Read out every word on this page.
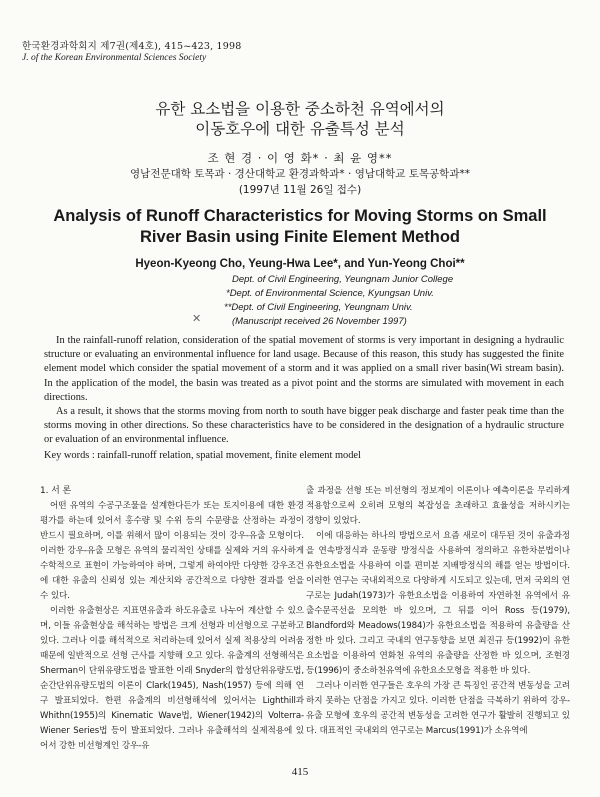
한국환경과학회지 제7권(제4호), 415~423, 1998
J. of the Korean Environmental Sciences Society
유한 요소법을 이용한 중소하천 유역에서의
이동호우에 대한 유출특성 분석
조 현 경 · 이 영 화* · 최 윤 영**
영남전문대학 토목과 · 경산대학교 환경과학과* · 영남대학교 토목공학과**
(1997년 11월 26일 접수)
Analysis of Runoff Characteristics for Moving Storms on Small
River Basin using Finite Element Method
Hyeon-Kyeong Cho, Yeung-Hwa Lee*, and Yun-Yeong Choi**
Dept. of Civil Engineering, Yeungnam Junior College
*Dept. of Environmental Science, Kyungsan Univ.
**Dept. of Civil Engineering, Yeungnam Univ.
(Manuscript received 26 November 1997)
✕

In the rainfall-runoff relation, consideration of the spatial movement of storms is very important in designing a hydraulic structure or evaluating an environmental influence for land usage. Because of this reason, this study has suggested the finite element model which consider the spatial movement of a storm and it was applied on a small river basin(Wi stream basin). In the application of the model, the basin was treated as a pivot point and the storms are simulated with movement in each directions.

As a result, it shows that the storms moving from north to south have bigger peak discharge and faster peak time than the storms moving in other directions. So these characteristics have to be considered in the designation of a hydraulic structure or evaluation of an environmental influence.

Key words : rainfall-runoff relation, spatial movement, finite element model

1. 서 론

어떤 유역의 수공구조물을 설계한다든가 또는 토지이용에 대한 환경평가를 하는데 있어서 홍수량 및 수위 등의 수문량을 산정하는 과정이 반드시 필요하며, 이를 위해서 많이 이용되는 것이 강우-유출 모형이다. 이러한 강우-유출 모형은 유역의 물리적인 상태를 실제와 거의 유사하게 수학적으로 표현이 가능하여야 하며, 그렇게 하여야만 다양한 강우조건에 대한 유출의 신뢰성 있는 계산치와 공간적으로 다양한 결과를 얻을 수 있다.

이러한 유출현상은 지표면유출과 하도유출로 나누어 계산할 수 있으며, 이들 유출현상을 해석하는 방법은 크게 선형과 비선형으로 구분하고 있다. 그러나 이를 해석적으로 처리하는데 있어서 실제 적용상의 어려움 때문에 일반적으로 선형 근사를 지향해 오고 있다. 유출계의 선형해석은 Sherman이 단위유량도법을 발표한 이래 Snyder의 합성단위유량도법, 순간단위유량도법의 이론이 Clark(1945), Nash(1957) 등에 의해 연구 발표되었다. 한편 유출계의 비선형해석에 있어서는 Lighthill과 Whithn(1955)의 Kinematic Wave법, Wiener(1942)의 Volterra-Wiener Series법 등이 발표되었다. 그러나 유출해석의 실제적용에 있어서 강한 비선형계인 강우-유

출 과정을 선형 또는 비선형의 정보계이 이론이나 예측이론을 무리하게 적용함으로써 오히려 모형의 복잡성을 초래하고 효율성을 저하시키는 경향이 있었다.

이에 대응하는 하나의 방법으로서 요즘 새로이 대두된 것이 유출과정을 연속방정식과 운동량 방정식을 사용하여 정의하고 유한차분법이나 유한요소법을 사용하여 이를 편미분 지배방정식의 해를 얻는 방법이다. 이러한 연구는 국내외적으로 다양하게 시도되고 있는데, 먼저 국외의 연구로는 Judah(1973)가 유한요소법을 이용하여 자연하천 유역에서 유출수문곡선을 모의한 바 있으며, 그 뒤를 이어 Ross 등(1979), Blandford와 Meadows(1984)가 유한요소법을 적용하여 유출량을 산정한 바 있다. 그리고 국내의 연구동향을 보면 최진규 등(1992)이 유한요소법을 이용하여 연화천 유역의 유출량을 산정한 바 있으며, 조현경 등(1996)이 중소하천유역에 유한요소모형을 적용한 바 있다.

그러나 이러한 연구들은 호우의 가장 큰 특징인 공간적 변동성을 고려하지 못하는 단점을 가지고 있다. 이러한 단점을 극복하기 위하여 강우-유출 모형에 호우의 공간적 변동성을 고려한 연구가 활발히 진행되고 있다. 대표적인 국내외의 연구로는 Marcus(1991)가 소유역에

415
